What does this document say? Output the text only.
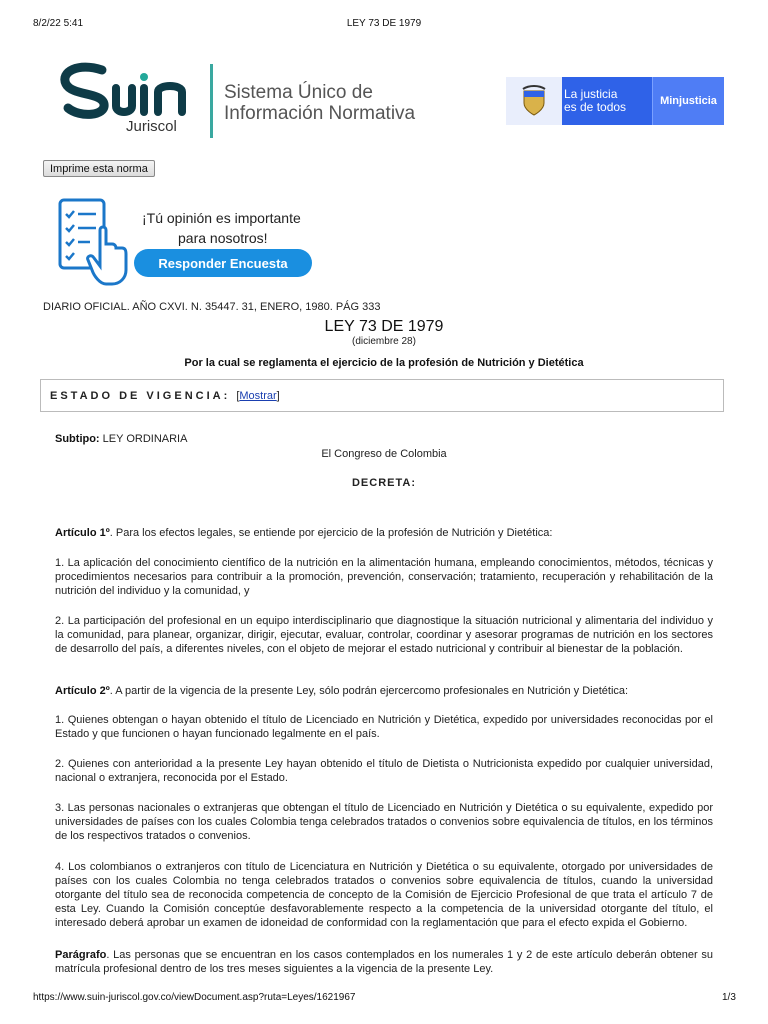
8/2/22 5:41	LEY 73 DE 1979
Juriscol
Sistema Único de
Información Normativa
La justicia
es de todos	Minjusticia
Imprime esta norma
¡Tú opinión es importante
para nosotros!
Responder Encuesta
DIARIO OFICIAL. AÑO CXVI. N. 35447. 31, ENERO, 1980. PÁG 333
LEY 73 DE 1979
(diciembre 28)
Por la cual se reglamenta el ejercicio de la profesión de Nutrición y Dietética
ESTADO DE VIGENCIA: [Mostrar]
Subtipo: LEY ORDINARIA
El Congreso de Colombia
DECRETA:
Artículo 1º. Para los efectos legales, se entiende por ejercicio de la profesión de Nutrición y Dietética:
1. La aplicación del conocimiento científico de la nutrición en la alimentación humana, empleando conocimientos, métodos, técnicas y procedimientos necesarios para contribuir a la promoción, prevención, conservación; tratamiento, recuperación y rehabilitación de la nutrición del individuo y la comunidad, y
2. La participación del profesional en un equipo interdisciplinario que diagnostique la situación nutricional y alimentaria del individuo y la comunidad, para planear, organizar, dirigir, ejecutar, evaluar, controlar, coordinar y asesorar programas de nutrición en los sectores de desarrollo del país, a diferentes niveles, con el objeto de mejorar el estado nutricional y contribuir al bienestar de la población.
Artículo 2º. A partir de la vigencia de la presente Ley, sólo podrán ejercercomo profesionales en Nutrición y Dietética:
1. Quienes obtengan o hayan obtenido el título de Licenciado en Nutrición y Dietética, expedido por universidades reconocidas por el Estado y que funcionen o hayan funcionado legalmente en el país.
2. Quienes con anterioridad a la presente Ley hayan obtenido el título de Dietista o Nutricionista expedido por cualquier universidad, nacional o extranjera, reconocida por el Estado.
3. Las personas nacionales o extranjeras que obtengan el título de Licenciado en Nutrición y Dietética o su equivalente, expedido por universidades de países con los cuales Colombia tenga celebrados tratados o convenios sobre equivalencia de títulos, en los términos de los respectivos tratados o convenios.
4. Los colombianos o extranjeros con título de Licenciatura en Nutrición y Dietética o su equivalente, otorgado por universidades de países con los cuales Colombia no tenga celebrados tratados o convenios sobre equivalencia de títulos, cuando la universidad otorgante del título sea de reconocida competencia de concepto de la Comisión de Ejercicio Profesional de que trata el artículo 7 de esta Ley. Cuando la Comisión conceptúe desfavorablemente respecto a la competencia de la universidad otorgante del título, el interesado deberá aprobar un examen de idoneidad de conformidad con la reglamentación que para el efecto expida el Gobierno.
Parágrafo. Las personas que se encuentran en los casos contemplados en los numerales 1 y 2 de este artículo deberán obtener su matrícula profesional dentro de los tres meses siguientes a la vigencia de la presente Ley.
https://www.suin-juriscol.gov.co/viewDocument.asp?ruta=Leyes/1621967	1/3
